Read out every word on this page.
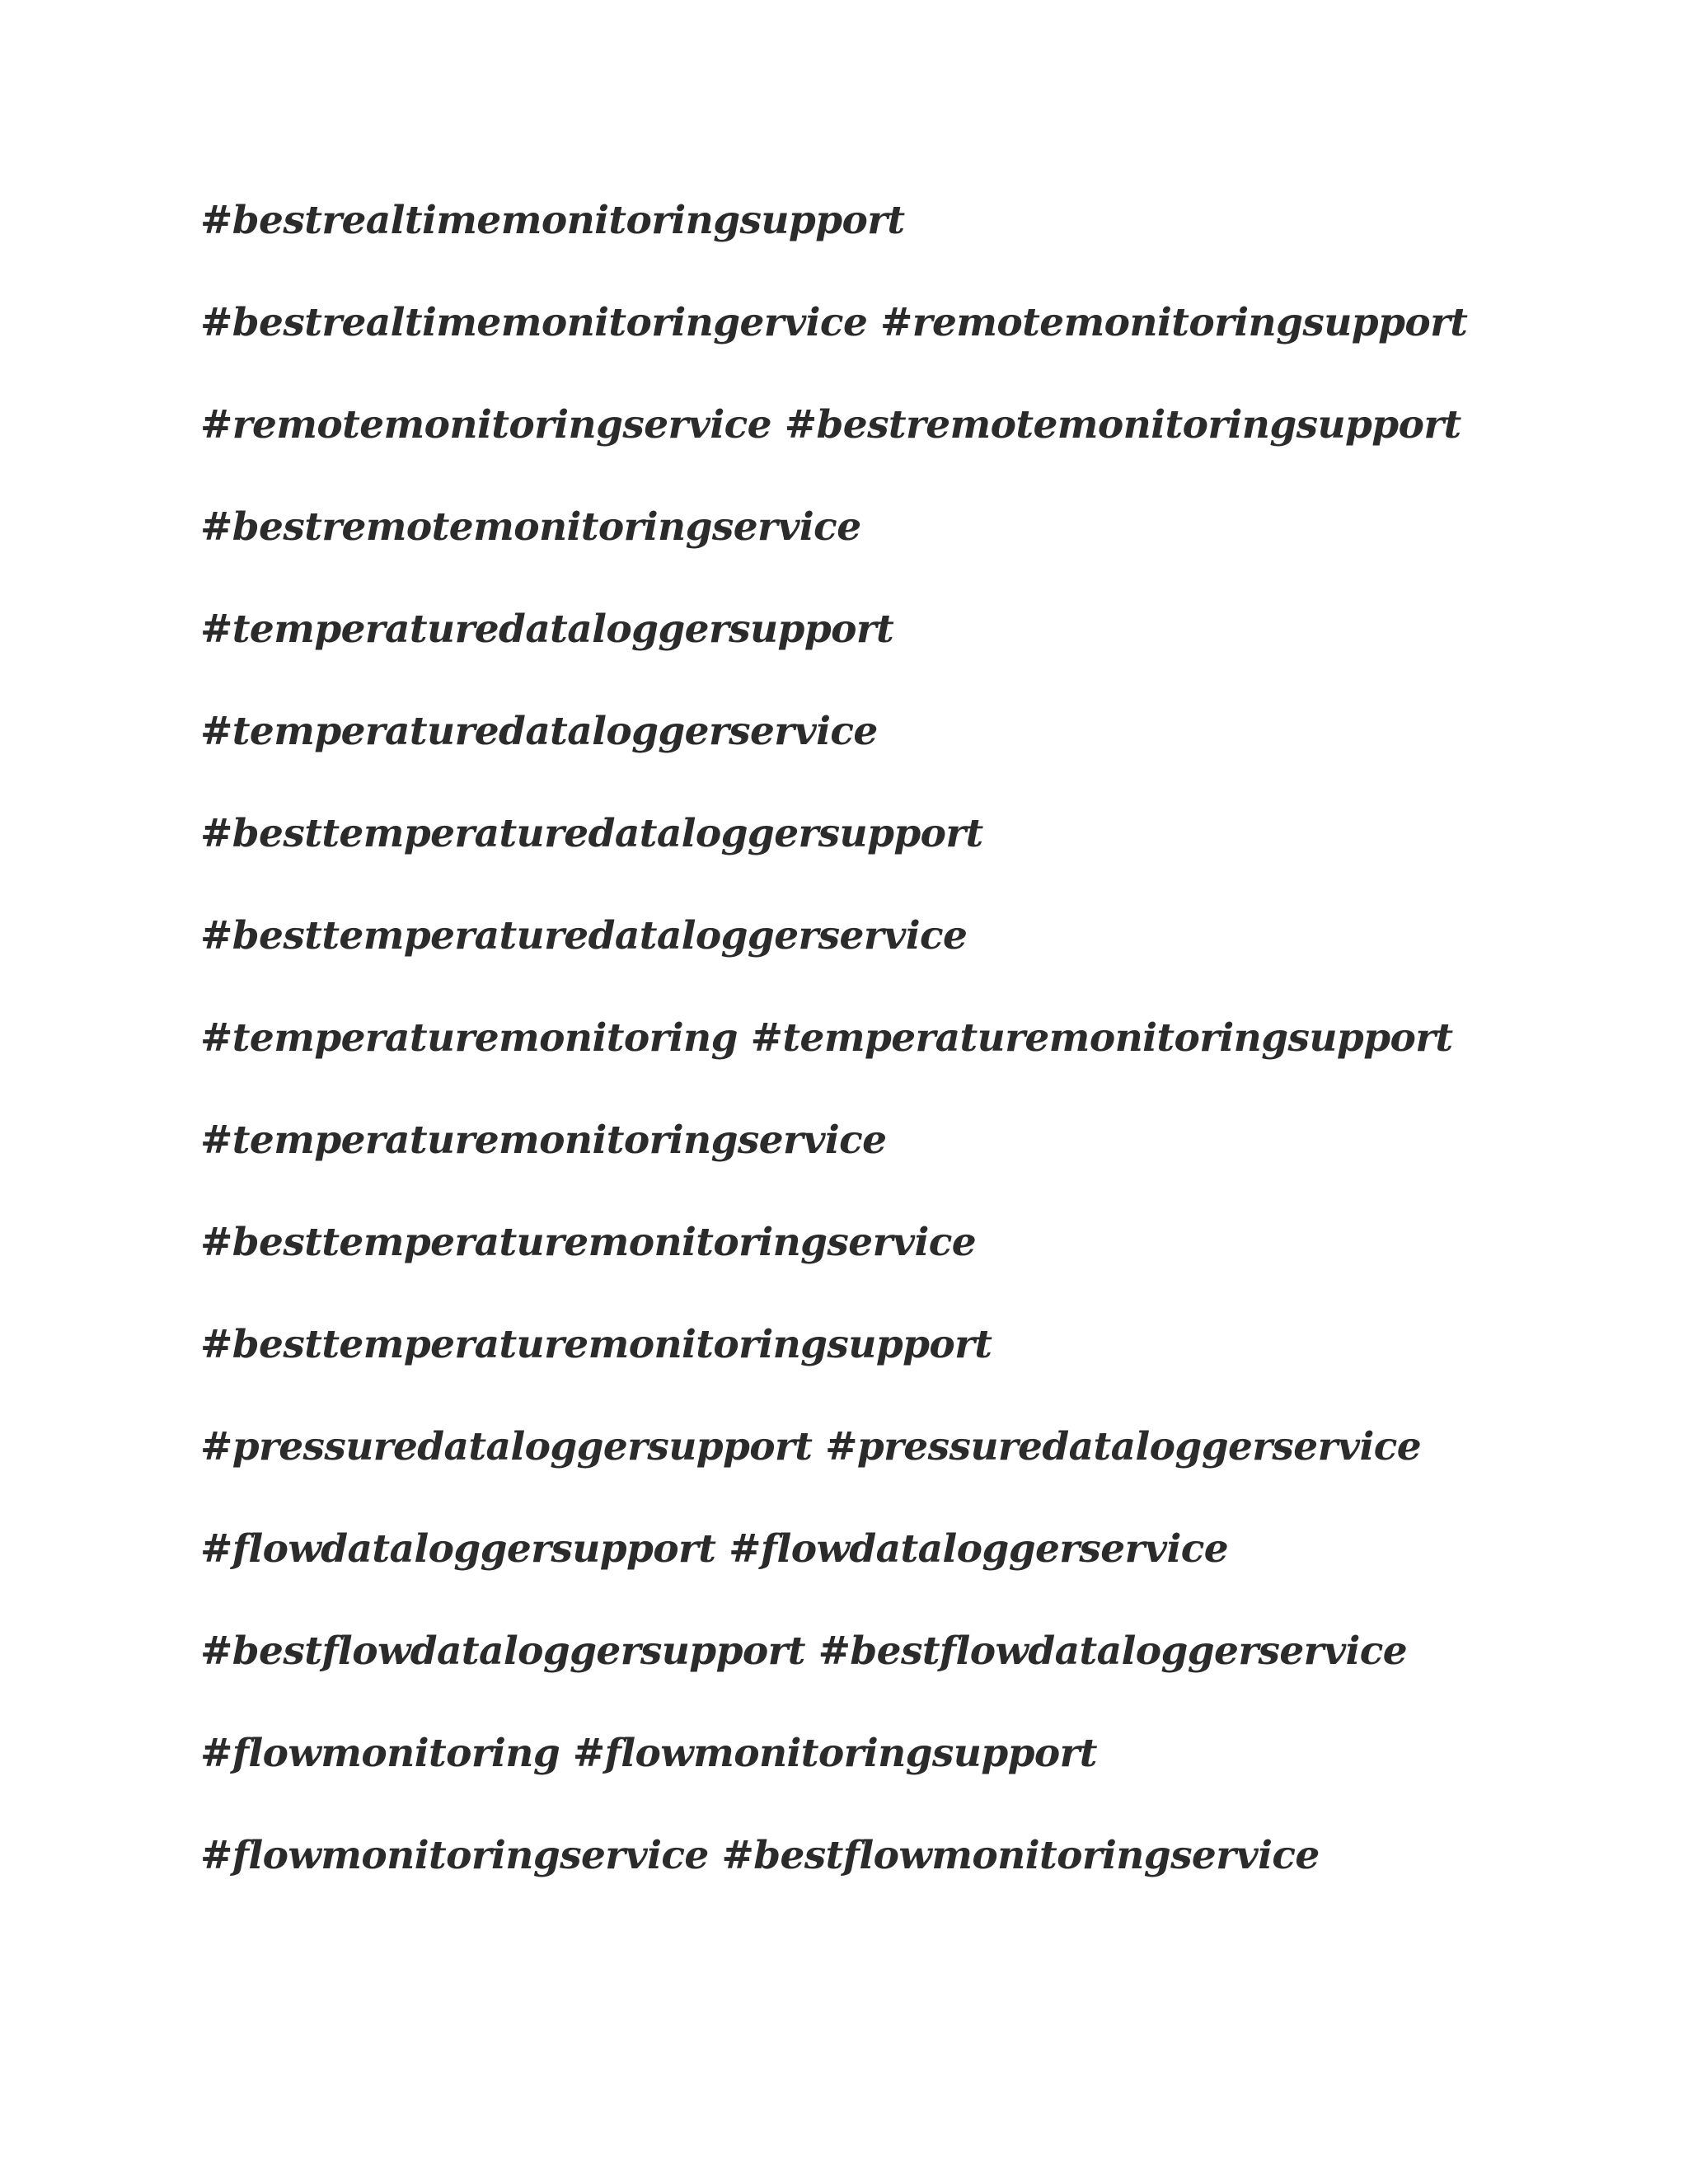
#bestrealtimemonitoringsupport

#bestrealtimemonitoringervice #remotemonitoringsupport

#remotemonitoringservice #bestremotemonitoringsupport

#bestremotemonitoringservice

#temperaturedataloggersupport

#temperaturedataloggerservice

#besttemperaturedataloggersupport

#besttemperaturedataloggerservice

#temperaturemonitoring #temperaturemonitoringsupport

#temperaturemonitoringservice

#besttemperaturemonitoringservice

#besttemperaturemonitoringsupport

#pressuredataloggersupport #pressuredataloggerservice

#flowdataloggersupport #flowdataloggerservice

#bestflowdataloggersupport #bestflowdataloggerservice

#flowmonitoring #flowmonitoringsupport

#flowmonitoringservice #bestflowmonitoringservice
